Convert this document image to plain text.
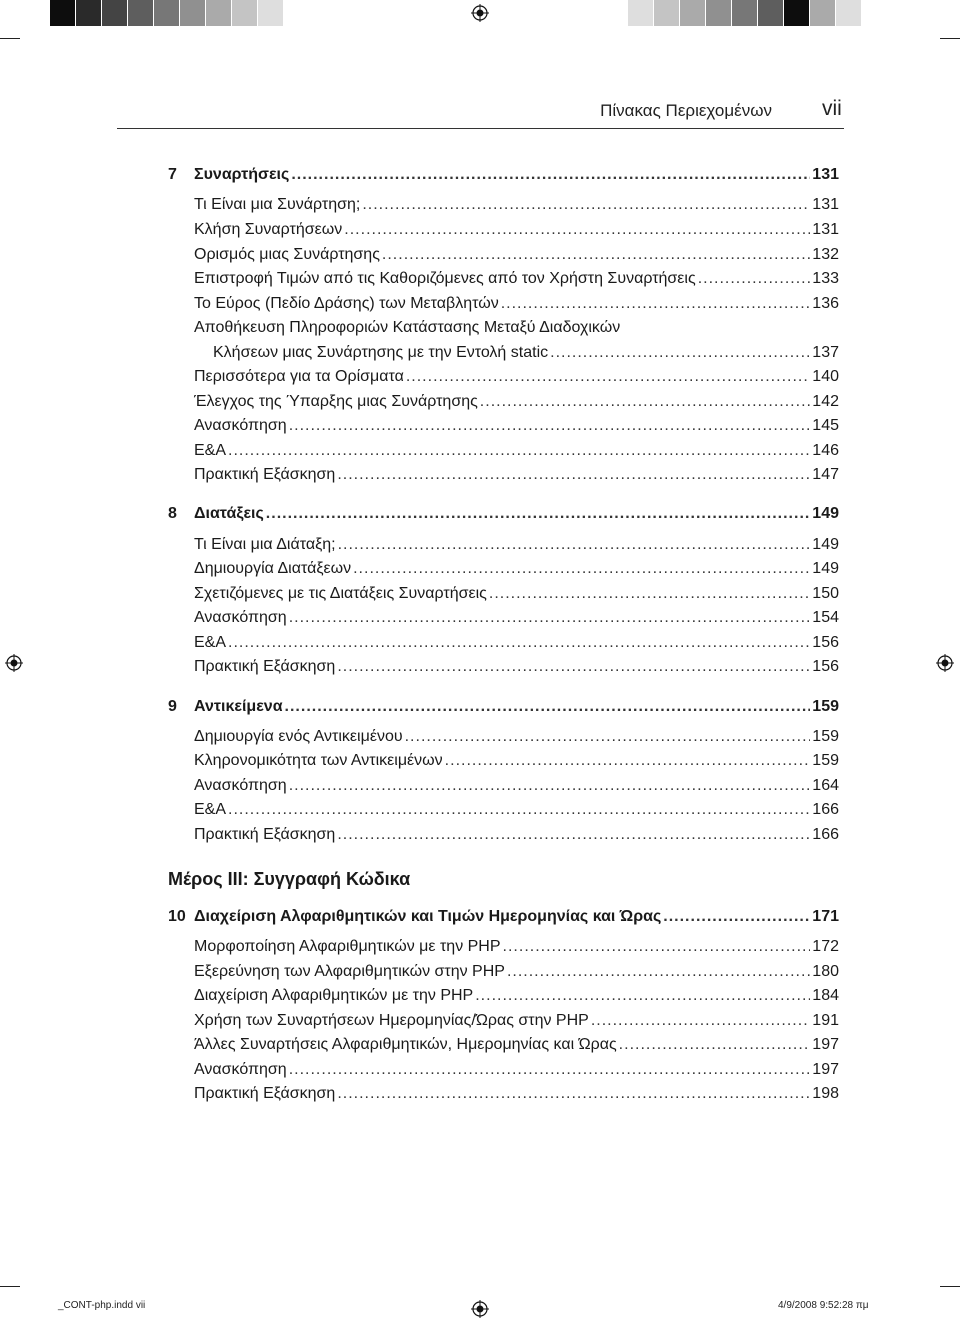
Πίνακας Περιεχομένων vii
7	Συναρτήσεις .....	131
Τι Είναι μια Συνάρτηση; .....	131
Κλήση Συναρτήσεων .....	131
Ορισμός μιας Συνάρτησης .....	132
Επιστροφή Τιμών από τις Καθοριζόμενες από τον Χρήστη Συναρτήσεις .....	133
Το Εύρος (Πεδίο Δράσης) των Μεταβλητών .....	136
Αποθήκευση Πληροφοριών Κατάστασης Μεταξύ Διαδοχικών
Κλήσεων μιας Συνάρτησης με την Εντολή static .....	137
Περισσότερα για τα Ορίσματα .....	140
Έλεγχος της Ύπαρξης μιας Συνάρτησης .....	142
Ανασκόπηση .....	145
Ε&Α .....	146
Πρακτική Εξάσκηση .....	147
8	Διατάξεις .....	149
Τι Είναι μια Διάταξη; .....	149
Δημιουργία Διατάξεων .....	149
Σχετιζόμενες με τις Διατάξεις Συναρτήσεις .....	150
Ανασκόπηση .....	154
Ε&Α .....	156
Πρακτική Εξάσκηση .....	156
9	Αντικείμενα .....	159
Δημιουργία ενός Αντικειμένου .....	159
Κληρονομικότητα των Αντικειμένων .....	159
Ανασκόπηση .....	164
Ε&Α .....	166
Πρακτική Εξάσκηση .....	166
Μέρος ΙΙΙ: Συγγραφή Κώδικα
10 Διαχείριση Αλφαριθμητικών και Τιμών Ημερομηνίας και Ώρας .....	171
Μορφοποίηση Αλφαριθμητικών με την PHP .....	172
Εξερεύνηση των Αλφαριθμητικών στην PHP .....	180
Διαχείριση Αλφαριθμητικών με την PHP .....	184
Χρήση των Συναρτήσεων Ημερομηνίας/Ώρας στην PHP .....	191
Άλλες Συναρτήσεις Αλφαριθμητικών, Ημερομηνίας και Ώρας .....	197
Ανασκόπηση .....	197
Πρακτική Εξάσκηση .....	198
_CONT-php.indd vii	4/9/2008 9:52:28 πμ
